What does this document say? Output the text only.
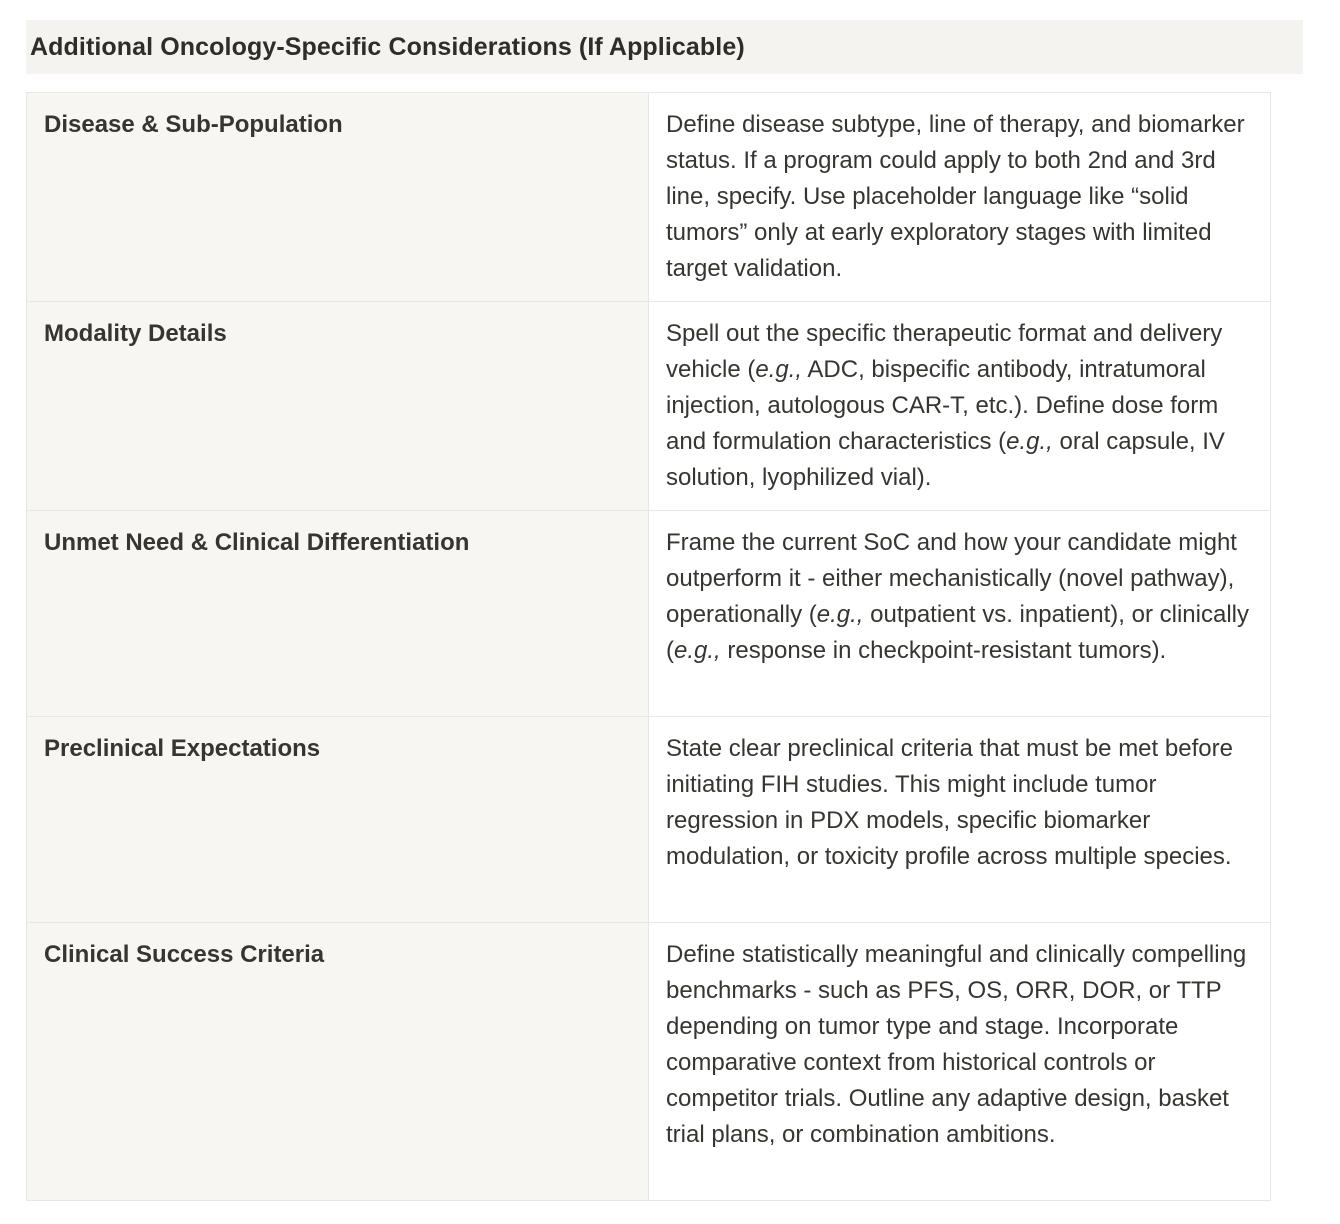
Additional Oncology-Specific Considerations (If Applicable)
Disease & Sub-Population	Define disease subtype, line of therapy, and biomarker status. If a program could apply to both 2nd and 3rd line, specify. Use placeholder language like “solid tumors” only at early exploratory stages with limited target validation.
Modality Details	Spell out the specific therapeutic format and delivery vehicle (e.g., ADC, bispecific antibody, intratumoral injection, autologous CAR-T, etc.). Define dose form and formulation characteristics (e.g., oral capsule, IV solution, lyophilized vial).
Unmet Need & Clinical Differentiation	Frame the current SoC and how your candidate might outperform it - either mechanistically (novel pathway), operationally (e.g., outpatient vs. inpatient), or clinically (e.g., response in checkpoint-resistant tumors).
Preclinical Expectations	State clear preclinical criteria that must be met before initiating FIH studies. This might include tumor regression in PDX models, specific biomarker modulation, or toxicity profile across multiple species.
Clinical Success Criteria	Define statistically meaningful and clinically compelling benchmarks - such as PFS, OS, ORR, DOR, or TTP depending on tumor type and stage. Incorporate comparative context from historical controls or competitor trials. Outline any adaptive design, basket trial plans, or combination ambitions.
